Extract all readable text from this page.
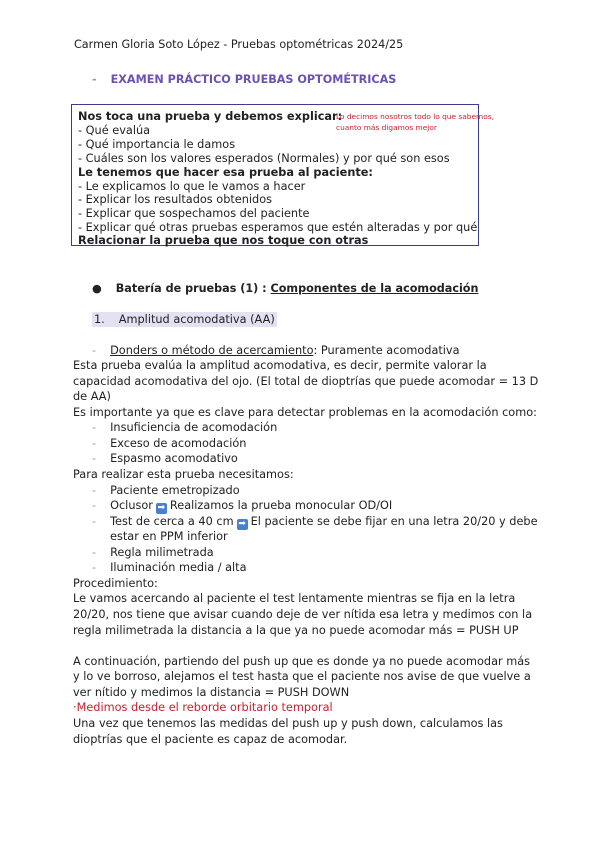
Carmen Gloria Soto López - Pruebas optométricas 2024/25
- EXAMEN PRÁCTICO PRUEBAS OPTOMÉTRICAS
Nos toca una prueba y debemos explicar:
- Qué evalúa
- Qué importancia le damos
- Cuáles son los valores esperados (Normales) y por qué son esos
Le tenemos que hacer esa prueba al paciente:
- Le explicamos lo que le vamos a hacer
- Explicar los resultados obtenidos
- Explicar que sospechamos del paciente
- Explicar qué otras pruebas esperamos que estén alteradas y por qué
Relacionar la prueba que nos toque con otras
Lo decimos nosotros todo lo que sabemos,
cuanto más digamos mejor
● Batería de pruebas (1) : Componentes de la acomodación
1. Amplitud acomodativa (AA)
- Donders o método de acercamiento: Puramente acomodativa
Esta prueba evalúa la amplitud acomodativa, es decir, permite valorar la
capacidad acomodativa del ojo. (El total de dioptrías que puede acomodar = 13 D
de AA)
Es importante ya que es clave para detectar problemas en la acomodación como:
- Insuficiencia de acomodación
- Exceso de acomodación
- Espasmo acomodativo
Para realizar esta prueba necesitamos:
- Paciente emetropizado
- Oclusor ➡ Realizamos la prueba monocular OD/OI
- Test de cerca a 40 cm ➡ El paciente se debe fijar en una letra 20/20 y debe
estar en PPM inferior
- Regla milimetrada
- Iluminación media / alta
Procedimiento:
Le vamos acercando al paciente el test lentamente mientras se fija en la letra
20/20, nos tiene que avisar cuando deje de ver nítida esa letra y medimos con la
regla milimetrada la distancia a la que ya no puede acomodar más = PUSH UP
A continuación, partiendo del push up que es donde ya no puede acomodar más
y lo ve borroso, alejamos el test hasta que el paciente nos avise de que vuelve a
ver nítido y medimos la distancia = PUSH DOWN
·Medimos desde el reborde orbitario temporal
Una vez que tenemos las medidas del push up y push down, calculamos las
dioptrías que el paciente es capaz de acomodar.
